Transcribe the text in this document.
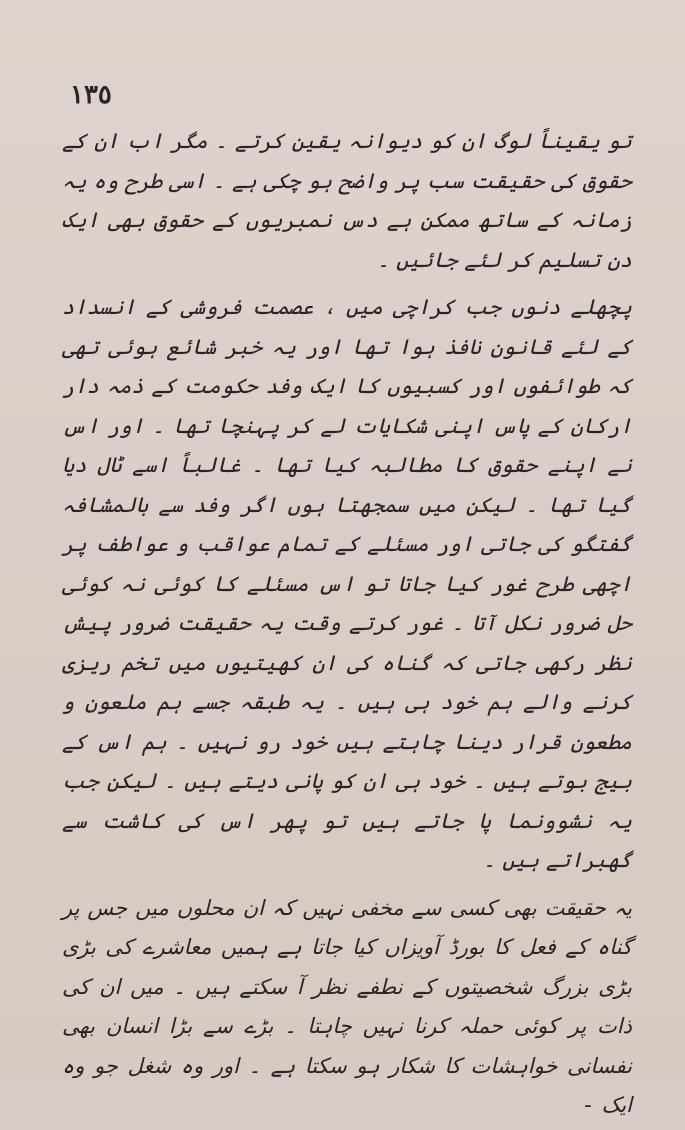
١٣٥

تو یقیناً لوگ ان کو دیوانہ یقین کرتے ۔ مگر اب ان کے حقوق کی حقیقت سب پر واضح ہو چکی ہے ۔ اسی طرح وہ یہ زمانہ کے ساتھ ممکن ہے دس نمبریوں کے حقوق بھی ایک دن تسلیم کر لئے جائیں ۔

پچھلے دنوں جب کراچی میں ، عصمت فروشی کے انسداد کے لئے قانون نافذ ہوا تھا اور یہ خبر شائع ہوئی تھی کہ طوائفوں اور کسبیوں کا ایک وفد حکومت کے ذمہ دار ارکان کے پاس اپنی شکایات لے کر پہنچا تھا ۔ اور اس نے اپنے حقوق کا مطالبہ کیا تھا ۔ غالباً اسے ٹال دیا گیا تھا ۔ لیکن میں سمجھتا ہوں اگر وفد سے بالمشافہ گفتگو کی جاتی اور مسئلے کے تمام عواقب و عواطف پر اچھی طرح غور کیا جاتا تو اس مسئلے کا کوئی نہ کوئی حل ضرور نکل آتا ۔ غور کرتے وقت یہ حقیقت ضرور پیش نظر رکھی جاتی کہ گناہ کی ان کھیتیوں میں تخم ریزی کرنے والے ہم خود ہی ہیں ۔ یہ طبقہ جسے ہم ملعون و مطعون قرار دینا چاہتے ہیں خود رو نہیں ۔ ہم اس کے بیج بوتے ہیں ۔ خود ہی ان کو پانی دیتے ہیں ۔ لیکن جب یہ نشوونما پا جاتے ہیں تو پھر اس کی کاشت سے گھبراتے ہیں ۔

یہ حقیقت بھی کسی سے مخفی نہیں کہ ان محلوں میں جس پر گناہ کے فعل کا بورڈ آویزاں کیا جاتا ہے ہمیں معاشرے کی بڑی بڑی بزرگ شخصیتوں کے نطفے نظر آ سکتے ہیں ۔ میں ان کی ذات پر کوئی حملہ کرنا نہیں چاہتا ۔ بڑے سے بڑا انسان بھی نفسانی خواہشات کا شکار ہو سکتا ہے ۔ اور وہ شغل جو وہ ایک-
